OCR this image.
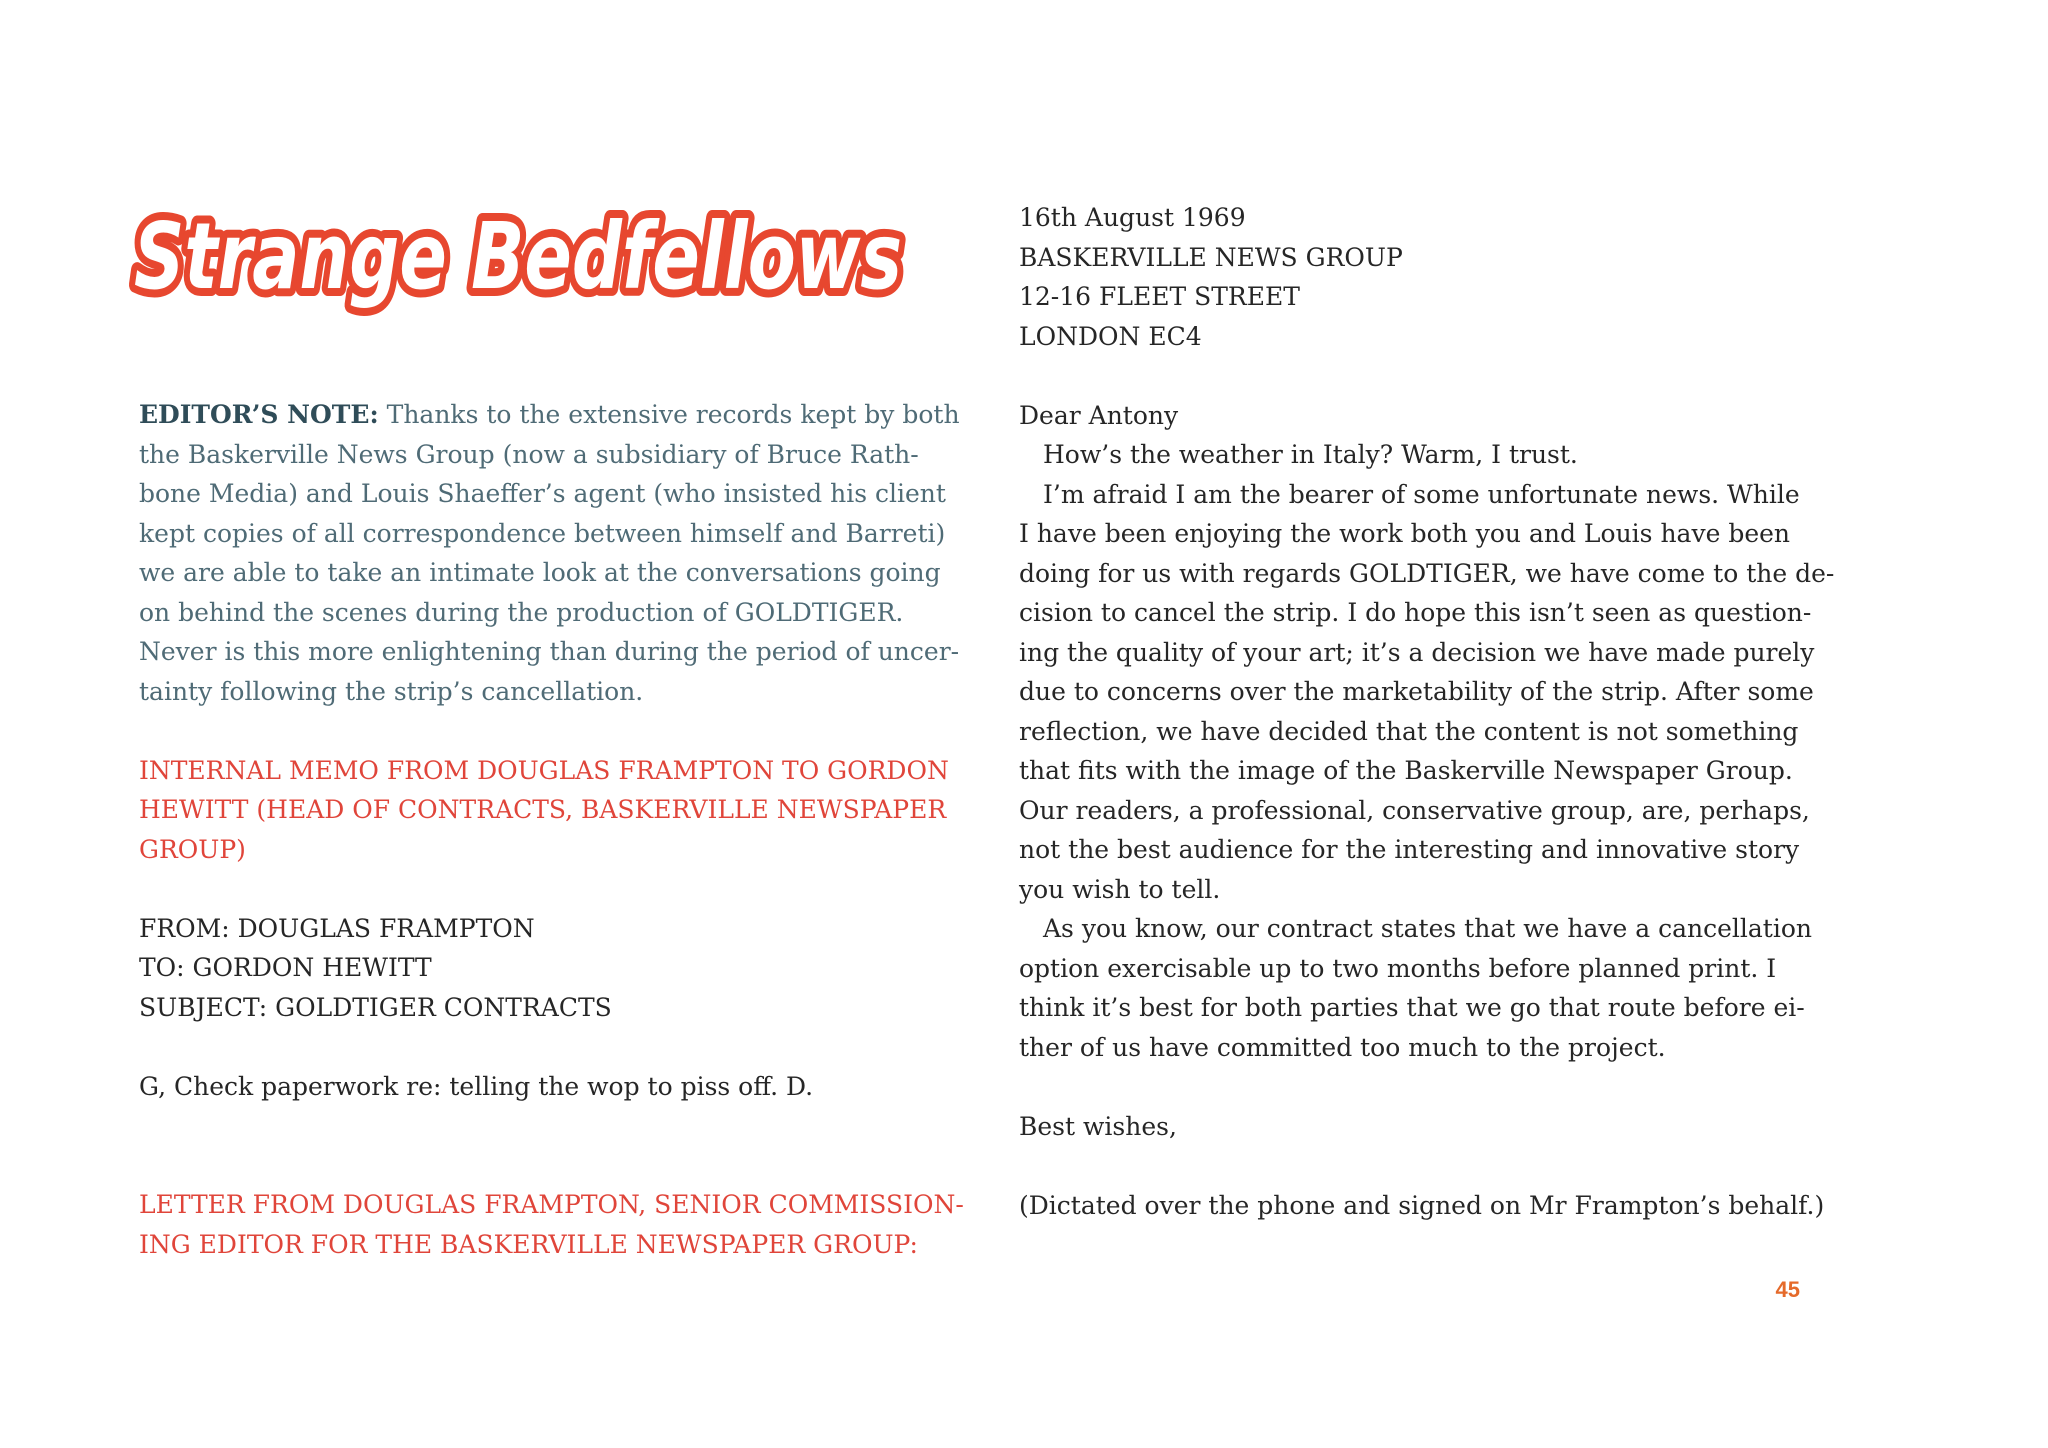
Strange Bedfellows

EDITOR’S NOTE: Thanks to the extensive records kept by both
the Baskerville News Group (now a subsidiary of Bruce Rath-
bone Media) and Louis Shaeffer’s agent (who insisted his client
kept copies of all correspondence between himself and Barreti)
we are able to take an intimate look at the conversations going
on behind the scenes during the production of GOLDTIGER.
Never is this more enlightening than during the period of uncer-
tainty following the strip’s cancellation.

INTERNAL MEMO FROM DOUGLAS FRAMPTON TO GORDON
HEWITT (HEAD OF CONTRACTS, BASKERVILLE NEWSPAPER
GROUP)

FROM: DOUGLAS FRAMPTON
TO: GORDON HEWITT
SUBJECT: GOLDTIGER CONTRACTS

G, Check paperwork re: telling the wop to piss off. D.

LETTER FROM DOUGLAS FRAMPTON, SENIOR COMMISSION-
ING EDITOR FOR THE BASKERVILLE NEWSPAPER GROUP:

16th August 1969

BASKERVILLE NEWS GROUP
12-16 FLEET STREET
LONDON EC4

Dear Antony

How’s the weather in Italy? Warm, I trust.

I’m afraid I am the bearer of some unfortunate news. While
I have been enjoying the work both you and Louis have been
doing for us with regards GOLDTIGER, we have come to the de-
cision to cancel the strip. I do hope this isn’t seen as question-
ing the quality of your art; it’s a decision we have made purely
due to concerns over the marketability of the strip. After some
reflection, we have decided that the content is not something
that fits with the image of the Baskerville Newspaper Group.
Our readers, a professional, conservative group, are, perhaps,
not the best audience for the interesting and innovative story
you wish to tell.

As you know, our contract states that we have a cancellation
option exercisable up to two months before planned print. I
think it’s best for both parties that we go that route before ei-
ther of us have committed too much to the project.

Best wishes,

(Dictated over the phone and signed on Mr Frampton’s behalf.)

45
